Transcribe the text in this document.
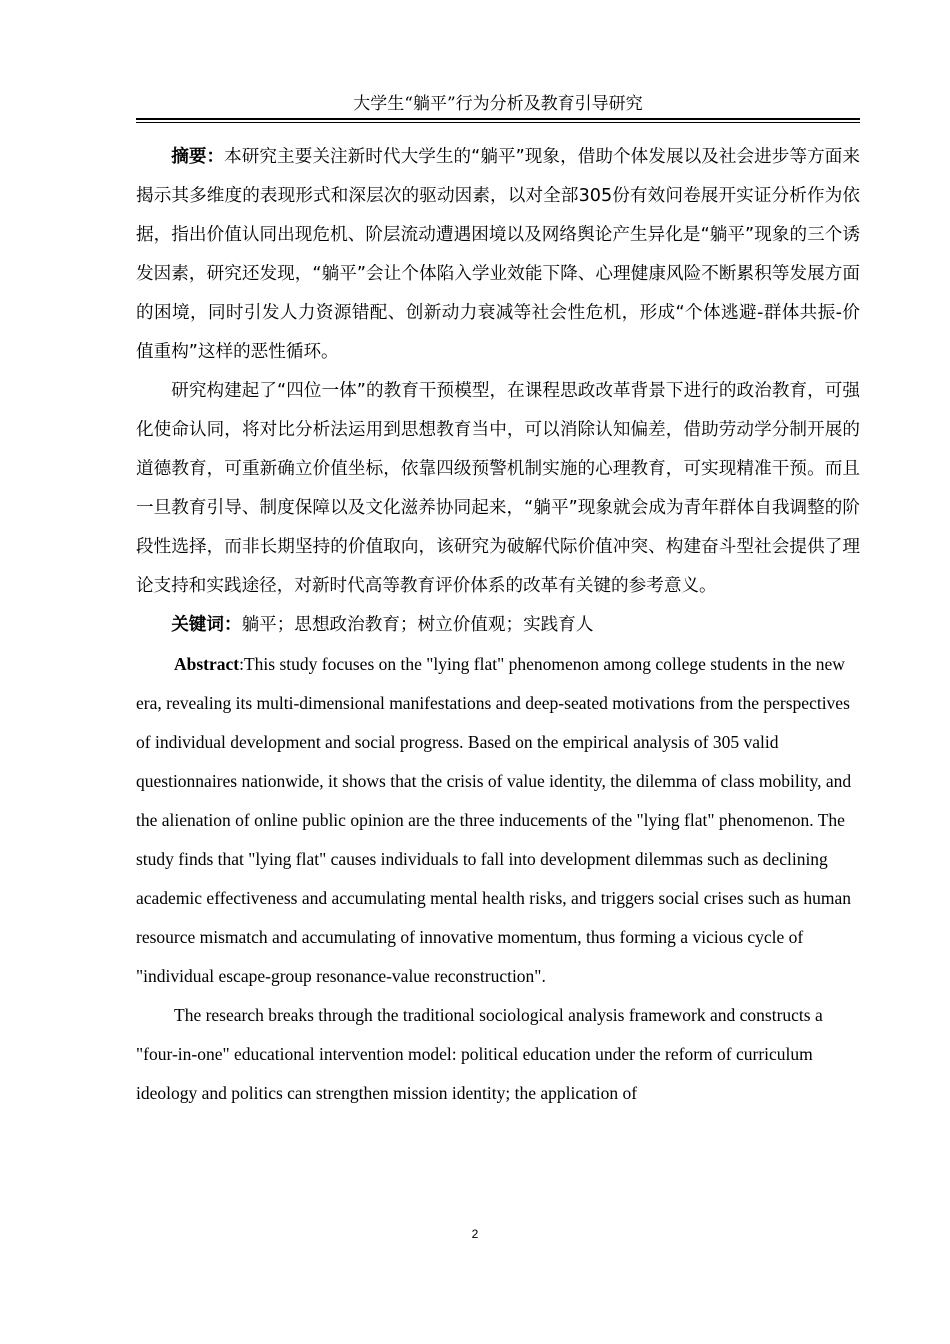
大学生“躺平”行为分析及教育引导研究

摘要：本研究主要关注新时代大学生的“躺平”现象，借助个体发展以及社会进步等方面来揭示其多维度的表现形式和深层次的驱动因素，以对全部305份有效问卷展开实证分析作为依据，指出价值认同出现危机、阶层流动遭遇困境以及网络舆论产生异化是“躺平”现象的三个诱发因素，研究还发现，“躺平”会让个体陷入学业效能下降、心理健康风险不断累积等发展方面的困境，同时引发人力资源错配、创新动力衰减等社会性危机，形成“个体逃避-群体共振-价值重构”这样的恶性循环。

研究构建起了“四位一体”的教育干预模型，在课程思政改革背景下进行的政治教育，可强化使命认同，将对比分析法运用到思想教育当中，可以消除认知偏差，借助劳动学分制开展的道德教育，可重新确立价值坐标，依靠四级预警机制实施的心理教育，可实现精准干预。而且一旦教育引导、制度保障以及文化滋养协同起来，“躺平”现象就会成为青年群体自我调整的阶段性选择，而非长期坚持的价值取向，该研究为破解代际价值冲突、构建奋斗型社会提供了理论支持和实践途径，对新时代高等教育评价体系的改革有关键的参考意义。

关键词：躺平；思想政治教育；树立价值观；实践育人

Abstract:This study focuses on the "lying flat" phenomenon among college students in the new era, revealing its multi-dimensional manifestations and deep-seated motivations from the perspectives of individual development and social progress. Based on the empirical analysis of 305 valid questionnaires nationwide, it shows that the crisis of value identity, the dilemma of class mobility, and the alienation of online public opinion are the three inducements of the "lying flat" phenomenon. The study finds that "lying flat" causes individuals to fall into development dilemmas such as declining academic effectiveness and accumulating mental health risks, and triggers social crises such as human resource mismatch and accumulating of innovative momentum, thus forming a vicious cycle of "individual escape-group resonance-value reconstruction".

The research breaks through the traditional sociological analysis framework and constructs a "four-in-one" educational intervention model: political education under the reform of curriculum ideology and politics can strengthen mission identity; the application of

2
